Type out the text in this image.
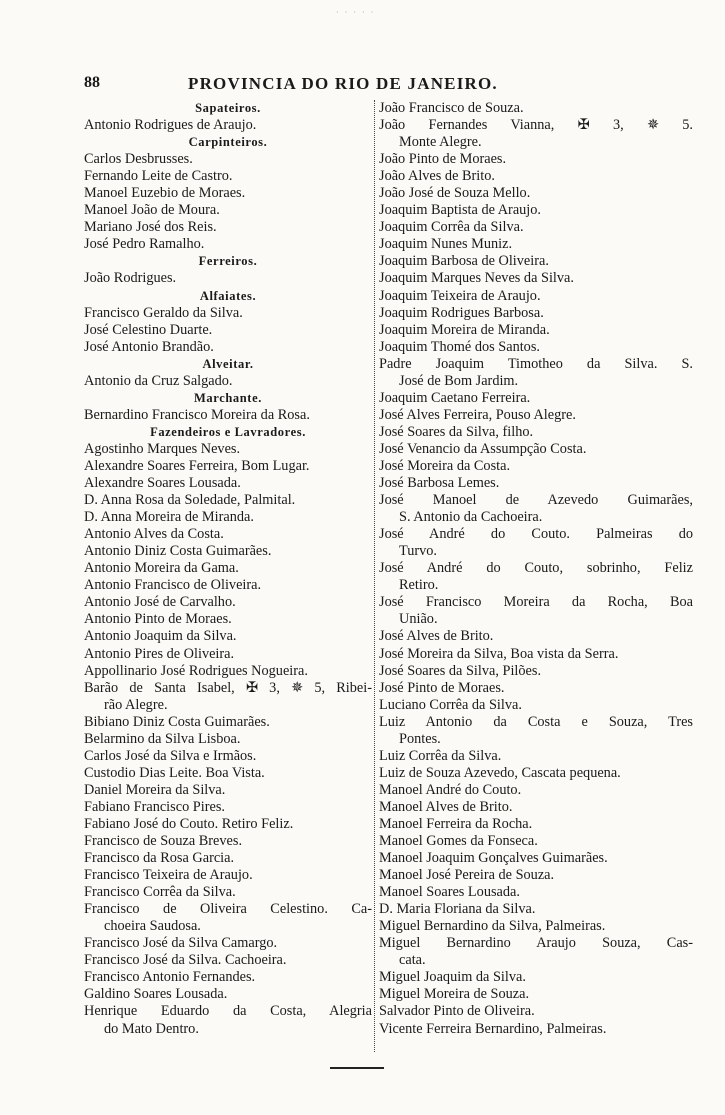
· · · · ·
88	PROVINCIA DO RIO DE JANEIRO.
Sapateiros.
Antonio Rodrigues de Araujo.
Carpinteiros.
Carlos Desbrusses.
Fernando Leite de Castro.
Manoel Euzebio de Moraes.
Manoel João de Moura.
Mariano José dos Reis.
José Pedro Ramalho.
Ferreiros.
João Rodrigues.
Alfaiates.
Francisco Geraldo da Silva.
José Celestino Duarte.
José Antonio Brandão.
Alveitar.
Antonio da Cruz Salgado.
Marchante.
Bernardino Francisco Moreira da Rosa.
Fazendeiros e Lavradores.
Agostinho Marques Neves.
Alexandre Soares Ferreira, Bom Lugar.
Alexandre Soares Lousada.
D. Anna Rosa da Soledade, Palmital.
D. Anna Moreira de Miranda.
Antonio Alves da Costa.
Antonio Diniz Costa Guimarães.
Antonio Moreira da Gama.
Antonio Francisco de Oliveira.
Antonio José de Carvalho.
Antonio Pinto de Moraes.
Antonio Joaquim da Silva.
Antonio Pires de Oliveira.
Appollinario José Rodrigues Nogueira.
Barão de Santa Isabel, ✠ 3, ✵ 5, Ribei-
rão Alegre.
Bibiano Diniz Costa Guimarães.
Belarmino da Silva Lisboa.
Carlos José da Silva e Irmãos.
Custodio Dias Leite. Boa Vista.
Daniel Moreira da Silva.
Fabiano Francisco Pires.
Fabiano José do Couto. Retiro Feliz.
Francisco de Souza Breves.
Francisco da Rosa Garcia.
Francisco Teixeira de Araujo.
Francisco Corrêa da Silva.
Francisco de Oliveira Celestino. Ca-
choeira Saudosa.
Francisco José da Silva Camargo.
Francisco José da Silva. Cachoeira.
Francisco Antonio Fernandes.
Galdino Soares Lousada.
Henrique Eduardo da Costa, Alegria
do Mato Dentro.
João Francisco de Souza.
João Fernandes Vianna, ✠ 3, ✵ 5.
Monte Alegre.
João Pinto de Moraes.
João Alves de Brito.
João José de Souza Mello.
Joaquim Baptista de Araujo.
Joaquim Corrêa da Silva.
Joaquim Nunes Muniz.
Joaquim Barbosa de Oliveira.
Joaquim Marques Neves da Silva.
Joaquim Teixeira de Araujo.
Joaquim Rodrigues Barbosa.
Joaquim Moreira de Miranda.
Joaquim Thomé dos Santos.
Padre Joaquim Timotheo da Silva. S.
José de Bom Jardim.
Joaquim Caetano Ferreira.
José Alves Ferreira, Pouso Alegre.
José Soares da Silva, filho.
José Venancio da Assumpção Costa.
José Moreira da Costa.
José Barbosa Lemes.
José Manoel de Azevedo Guimarães,
S. Antonio da Cachoeira.
José André do Couto. Palmeiras do
Turvo.
José André do Couto, sobrinho, Feliz
Retiro.
José Francisco Moreira da Rocha, Boa
União.
José Alves de Brito.
José Moreira da Silva, Boa vista da Serra.
José Soares da Silva, Pilões.
José Pinto de Moraes.
Luciano Corrêa da Silva.
Luiz Antonio da Costa e Souza, Tres
Pontes.
Luiz Corrêa da Silva.
Luiz de Souza Azevedo, Cascata pequena.
Manoel André do Couto.
Manoel Alves de Brito.
Manoel Ferreira da Rocha.
Manoel Gomes da Fonseca.
Manoel Joaquim Gonçalves Guimarães.
Manoel José Pereira de Souza.
Manoel Soares Lousada.
D. Maria Floriana da Silva.
Miguel Bernardino da Silva, Palmeiras.
Miguel Bernardino Araujo Souza, Cas-
cata.
Miguel Joaquim da Silva.
Miguel Moreira de Souza.
Salvador Pinto de Oliveira.
Vicente Ferreira Bernardino, Palmeiras.
